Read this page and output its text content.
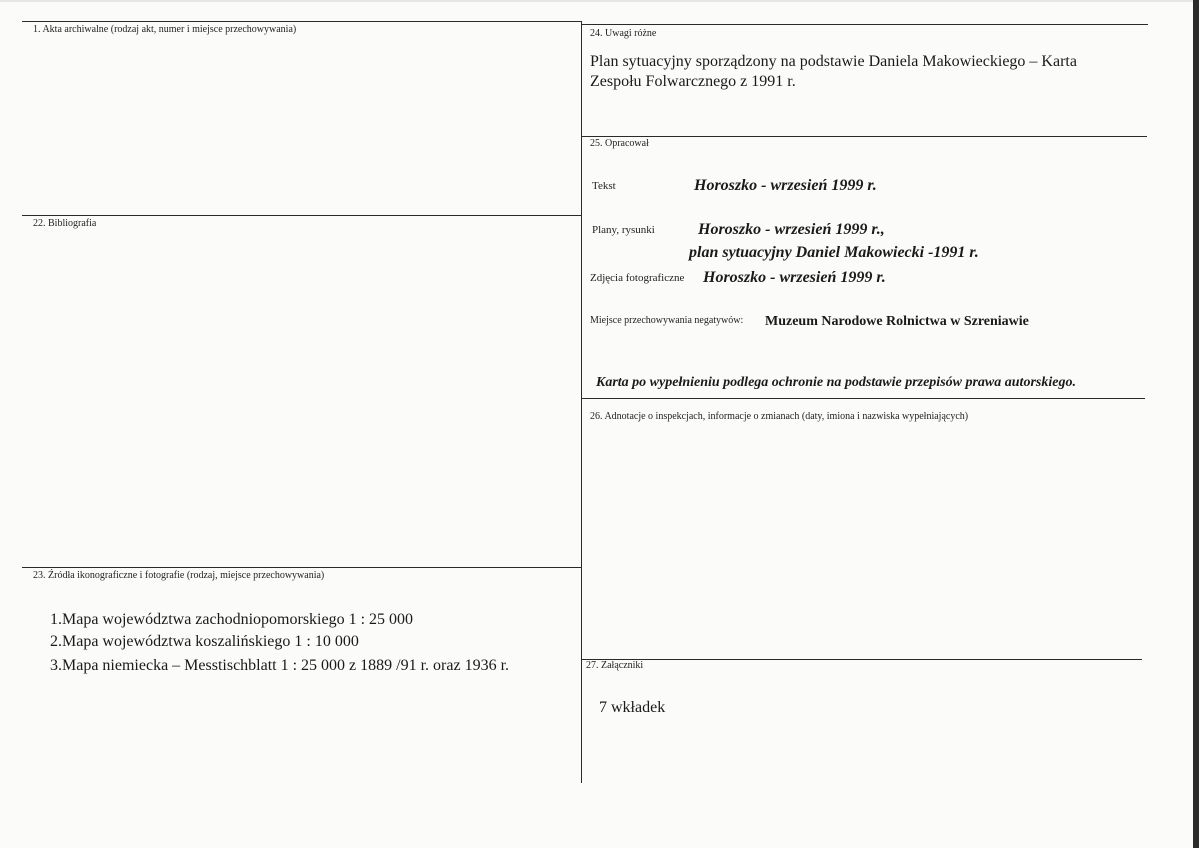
1. Akta archiwalne (rodzaj akt, numer i miejsce przechowywania)
22. Bibliografia
23. Źródła ikonograficzne i fotografie (rodzaj, miejsce przechowywania)
1.Mapa województwa zachodniopomorskiego 1 : 25 000
2.Mapa województwa koszalińskiego 1 : 10 000
3.Mapa niemiecka – Messtischblatt 1 : 25 000 z 1889 /91 r. oraz 1936 r.
24. Uwagi różne
Plan sytuacyjny sporządzony na podstawie Daniela Makowieckiego – Karta
Zespołu Folwarcznego z 1991 r.
25. Opracował
Tekst	Horoszko - wrzesień 1999 r.
Plany, rysunki	Horoszko - wrzesień 1999 r.,
plan sytuacyjny Daniel Makowiecki -1991 r.
Zdjęcia fotograficzne Horoszko - wrzesień 1999 r.
Miejsce przechowywania negatywów: Muzeum Narodowe Rolnictwa w Szreniawie
Karta po wypełnieniu podlega ochronie na podstawie przepisów prawa autorskiego.
26. Adnotacje o inspekcjach, informacje o zmianach (daty, imiona i nazwiska wypełniających)
27. Załączniki
7 wkładek
